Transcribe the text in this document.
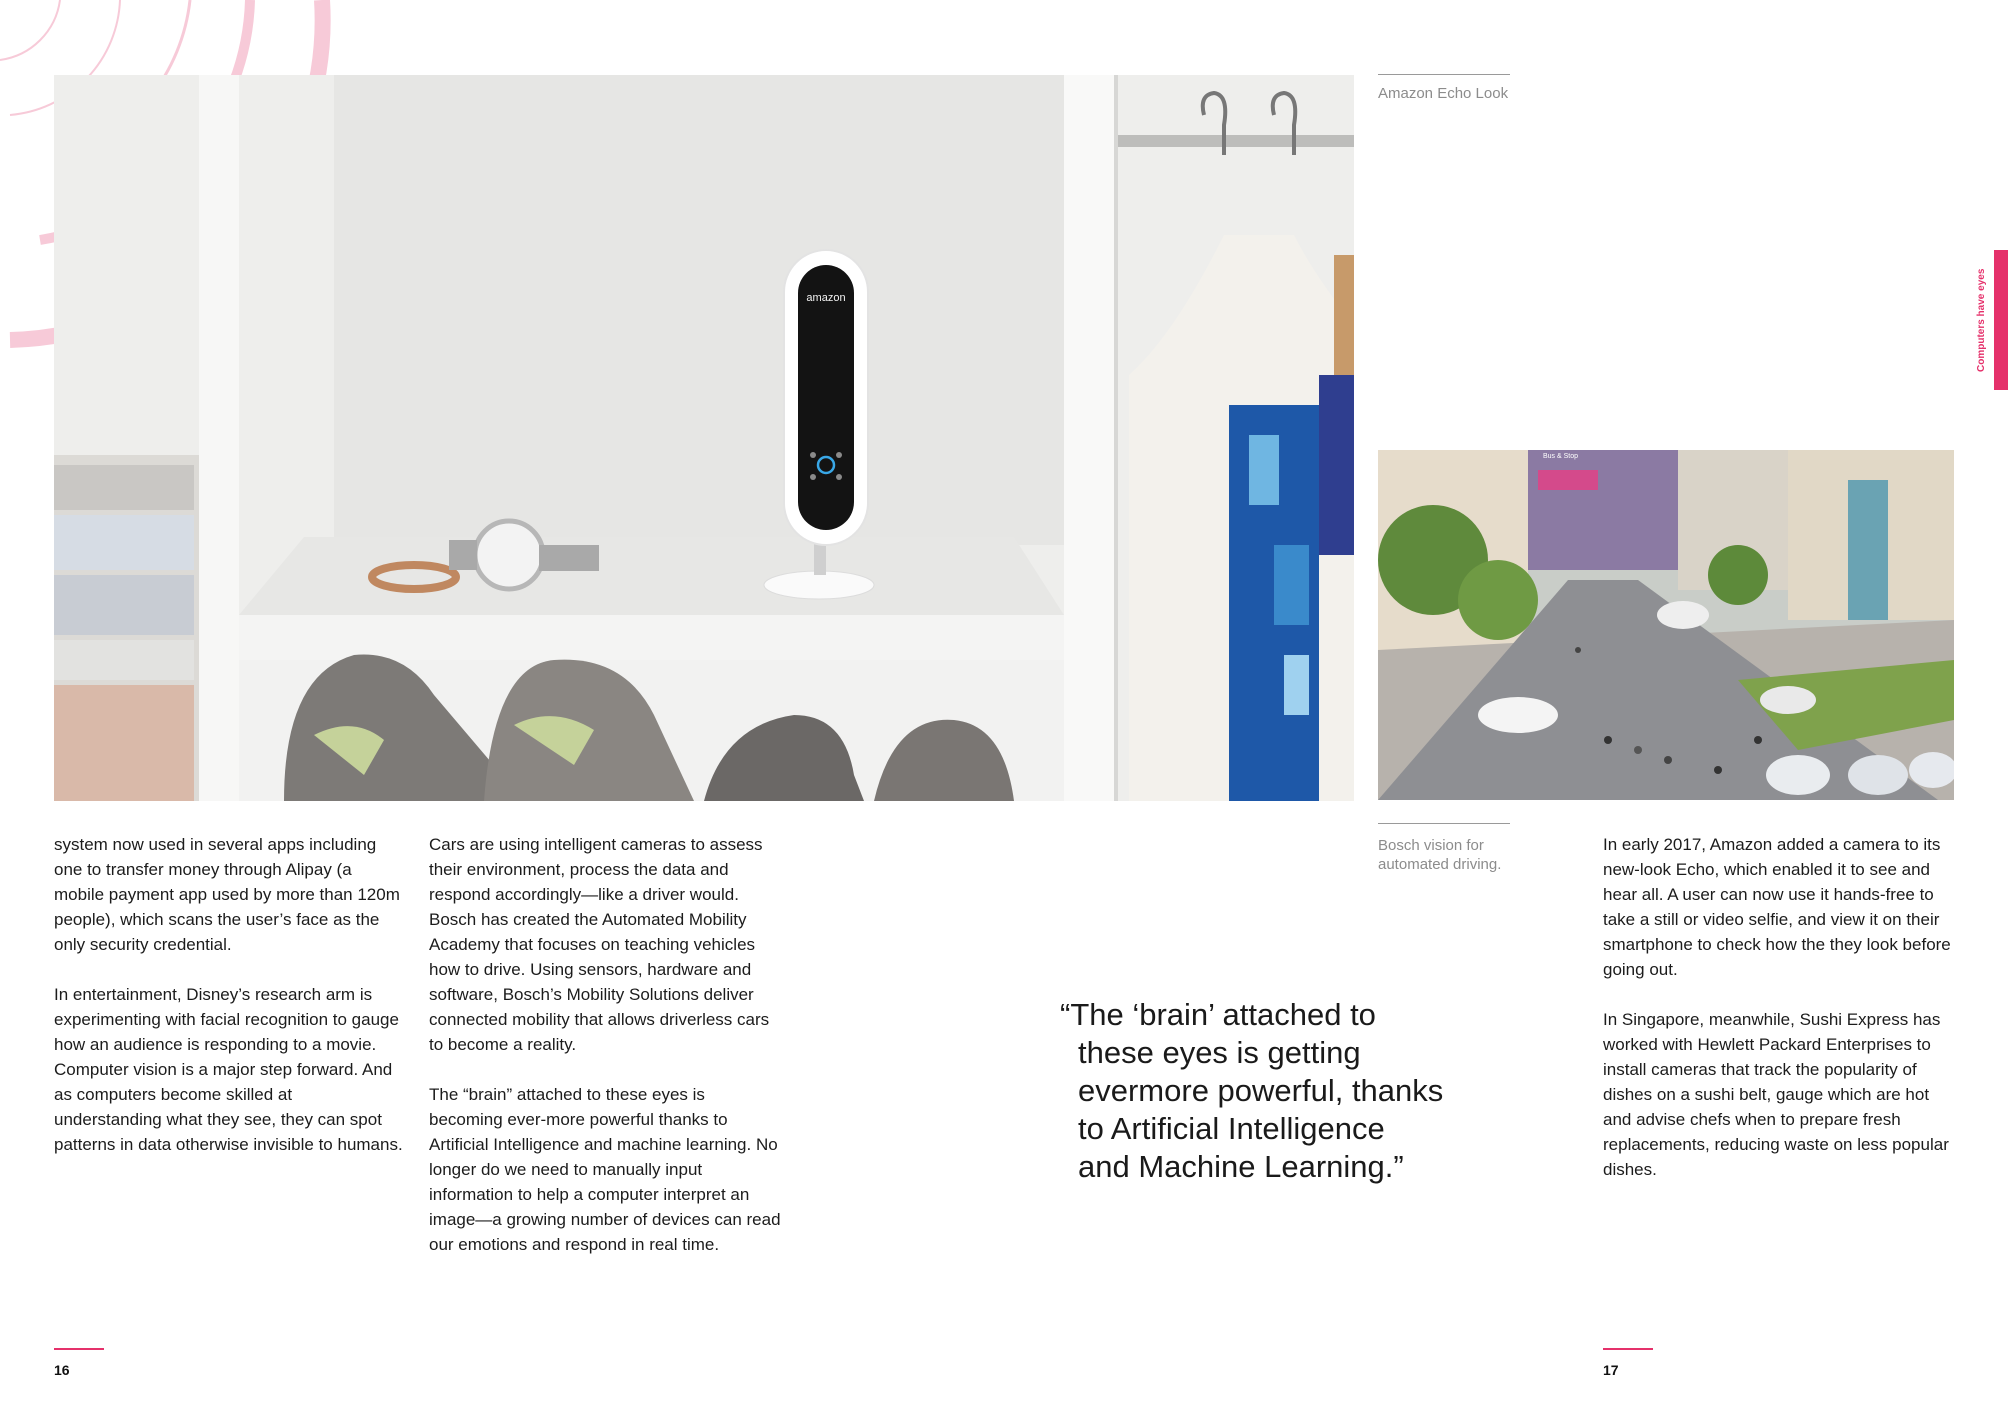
amazon
Amazon Echo Look
Bus & Stop
Bosch vision for
automated driving.
Computers have eyes

system now used in several apps including one to transfer money through Alipay (a mobile payment app used by more than 120m people), which scans the user’s face as the only security credential.

In entertainment, Disney’s research arm is experimenting with facial recognition to gauge how an audience is responding to a movie. Computer vision is a major step forward. And as computers become skilled at understanding what they see, they can spot patterns in data otherwise invisible to humans.

Cars are using intelligent cameras to assess their environment, process the data and respond accordingly—like a driver would. Bosch has created the Automated Mobility Academy that focuses on teaching vehicles how to drive. Using sensors, hardware and software, Bosch’s Mobility Solutions deliver connected mobility that allows driverless cars to become a reality.

The “brain” attached to these eyes is becoming ever-more powerful thanks to Artificial Intelligence and machine learning. No longer do we need to manually input information to help a computer interpret an image—a growing number of devices can read our emotions and respond in real time.

In early 2017, Amazon added a camera to its new-look Echo, which enabled it to see and hear all. A user can now use it hands-free to take a still or video selfie, and view it on their smartphone to check how the they look before going out.

In Singapore, meanwhile, Sushi Express has worked with Hewlett Packard Enterprises to install cameras that track the popularity of dishes on a sushi belt, gauge which are hot and advise chefs when to prepare fresh replacements, reducing waste on less popular dishes.

“The ‘brain’ attached to
these eyes is getting
evermore powerful, thanks
to Artificial Intelligence
and Machine Learning.”
16	17
